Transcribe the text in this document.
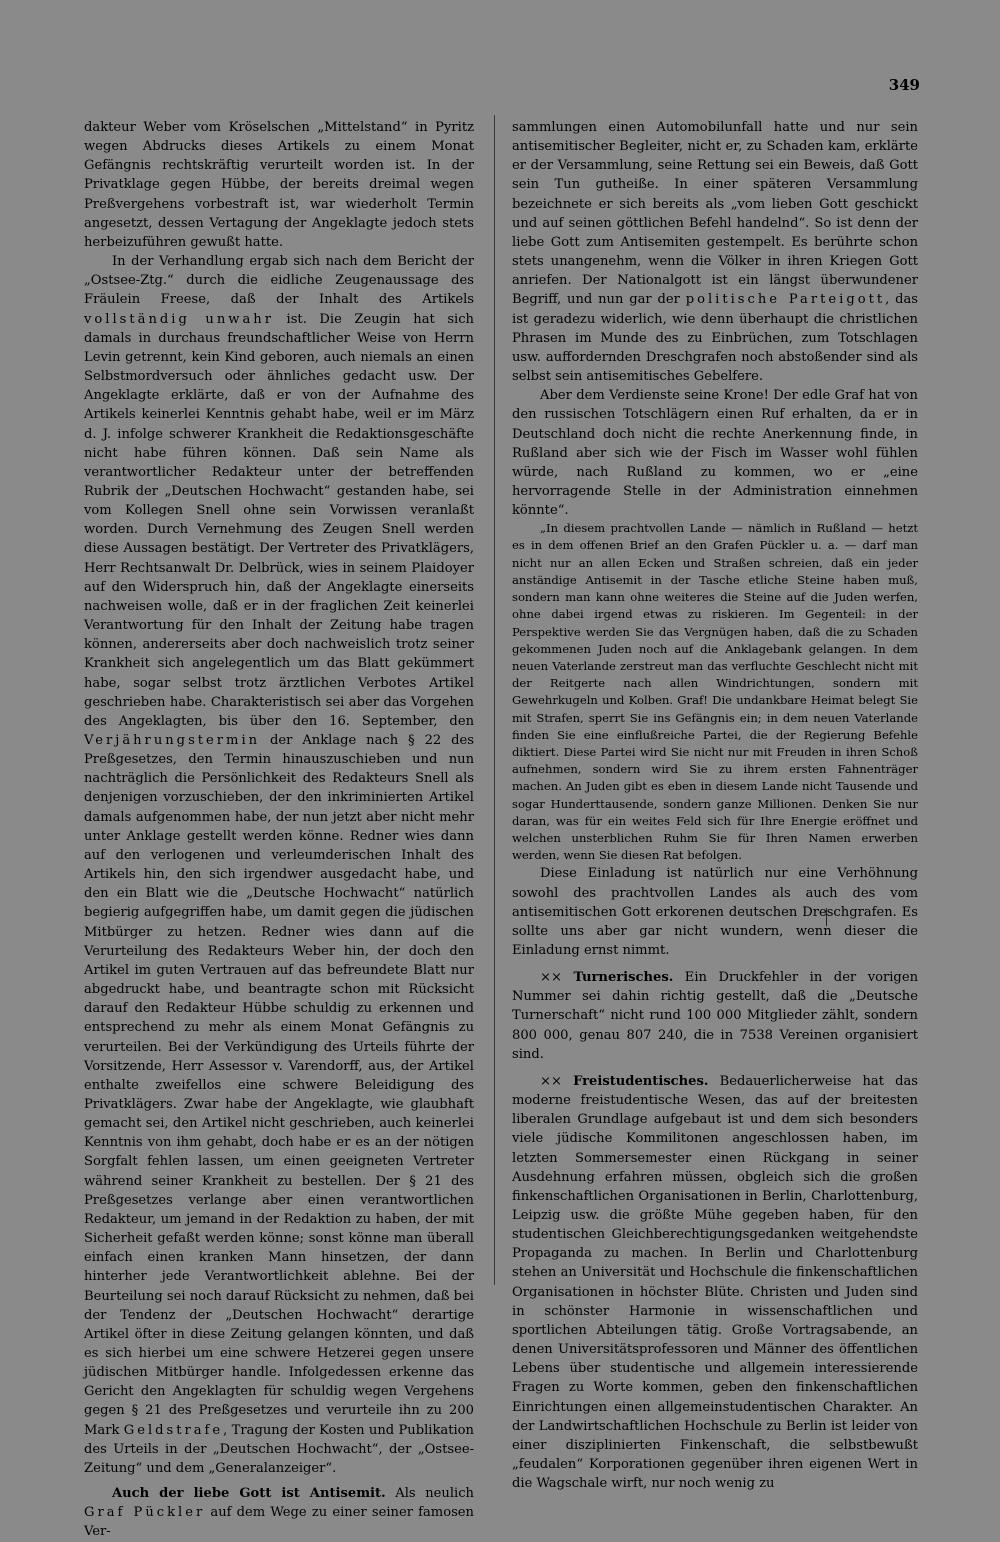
349

dakteur Weber vom Kröselschen „Mittelstand“ in Pyritz wegen Abdrucks dieses Artikels zu einem Monat Gefängnis rechtskräftig verurteilt worden ist. In der Privatklage gegen Hübbe, der bereits dreimal wegen Preßvergehens vorbestraft ist, war wiederholt Termin angesetzt, dessen Vertagung der Angeklagte jedoch stets herbeizuführen gewußt hatte.

In der Verhandlung ergab sich nach dem Bericht der „Ostsee-Ztg.“ durch die eidliche Zeugenaussage des Fräulein Freese, daß der Inhalt des Artikels vollständig unwahr ist. Die Zeugin hat sich damals in durchaus freundschaftlicher Weise von Herrn Levin getrennt, kein Kind geboren, auch niemals an einen Selbstmordversuch oder ähnliches gedacht usw. Der Angeklagte erklärte, daß er von der Aufnahme des Artikels keinerlei Kenntnis gehabt habe, weil er im März d. J. infolge schwerer Krankheit die Redaktionsgeschäfte nicht habe führen können. Daß sein Name als verantwortlicher Redakteur unter der betreffenden Rubrik der „Deutschen Hochwacht“ gestanden habe, sei vom Kollegen Snell ohne sein Vorwissen veranlaßt worden. Durch Vernehmung des Zeugen Snell werden diese Aussagen bestätigt. Der Vertreter des Privatklägers, Herr Rechtsanwalt Dr. Delbrück, wies in seinem Plaidoyer auf den Widerspruch hin, daß der Angeklagte einerseits nachweisen wolle, daß er in der fraglichen Zeit keinerlei Verantwortung für den Inhalt der Zeitung habe tragen können, andererseits aber doch nachweislich trotz seiner Krankheit sich angelegentlich um das Blatt gekümmert habe, sogar selbst trotz ärztlichen Verbotes Artikel geschrieben habe. Charakteristisch sei aber das Vorgehen des Angeklagten, bis über den 16. September, den Verjährungstermin der Anklage nach § 22 des Preßgesetzes, den Termin hinauszuschieben und nun nachträglich die Persönlichkeit des Redakteurs Snell als denjenigen vorzuschieben, der den inkriminierten Artikel damals aufgenommen habe, der nun jetzt aber nicht mehr unter Anklage gestellt werden könne. Redner wies dann auf den verlogenen und verleumderischen Inhalt des Artikels hin, den sich irgendwer ausgedacht habe, und den ein Blatt wie die „Deutsche Hochwacht“ natürlich begierig aufgegriffen habe, um damit gegen die jüdischen Mitbürger zu hetzen. Redner wies dann auf die Verurteilung des Redakteurs Weber hin, der doch den Artikel im guten Vertrauen auf das befreundete Blatt nur abgedruckt habe, und beantragte schon mit Rücksicht darauf den Redakteur Hübbe schuldig zu erkennen und entsprechend zu mehr als einem Monat Gefängnis zu verurteilen. Bei der Verkündigung des Urteils führte der Vorsitzende, Herr Assessor v. Varendorff, aus, der Artikel enthalte zweifellos eine schwere Beleidigung des Privatklägers. Zwar habe der Angeklagte, wie glaubhaft gemacht sei, den Artikel nicht geschrieben, auch keinerlei Kenntnis von ihm gehabt, doch habe er es an der nötigen Sorgfalt fehlen lassen, um einen geeigneten Vertreter während seiner Krankheit zu bestellen. Der § 21 des Preßgesetzes verlange aber einen verantwortlichen Redakteur, um jemand in der Redaktion zu haben, der mit Sicherheit gefaßt werden könne; sonst könne man überall einfach einen kranken Mann hinsetzen, der dann hinterher jede Verantwortlichkeit ablehne. Bei der Beurteilung sei noch darauf Rücksicht zu nehmen, daß bei der Tendenz der „Deutschen Hochwacht“ derartige Artikel öfter in diese Zeitung gelangen könnten, und daß es sich hierbei um eine schwere Hetzerei gegen unsere jüdischen Mitbürger handle. Infolgedessen erkenne das Gericht den Angeklagten für schuldig wegen Vergehens gegen § 21 des Preßgesetzes und verurteile ihn zu 200 Mark Geldstrafe, Tragung der Kosten und Publikation des Urteils in der „Deutschen Hochwacht“, der „Ostsee-Zeitung“ und dem „Generalanzeiger“.

Auch der liebe Gott ist Antisemit. Als neulich Graf Pückler auf dem Wege zu einer seiner famosen Ver-

sammlungen einen Automobilunfall hatte und nur sein antisemitischer Begleiter, nicht er, zu Schaden kam, erklärte er der Versammlung, seine Rettung sei ein Beweis, daß Gott sein Tun gutheiße. In einer späteren Versammlung bezeichnete er sich bereits als „vom lieben Gott geschickt und auf seinen göttlichen Befehl handelnd“. So ist denn der liebe Gott zum Antisemiten gestempelt. Es berührte schon stets unangenehm, wenn die Völker in ihren Kriegen Gott anriefen. Der Nationalgott ist ein längst überwundener Begriff, und nun gar der politische Parteigott, das ist geradezu widerlich, wie denn überhaupt die christlichen Phrasen im Munde des zu Einbrüchen, zum Totschlagen usw. auffordernden Dreschgrafen noch abstoßender sind als selbst sein antisemitisches Gebelfere.

Aber dem Verdienste seine Krone! Der edle Graf hat von den russischen Totschlägern einen Ruf erhalten, da er in Deutschland doch nicht die rechte Anerkennung finde, in Rußland aber sich wie der Fisch im Wasser wohl fühlen würde, nach Rußland zu kommen, wo er „eine hervorragende Stelle in der Administration einnehmen könnte“.

„In diesem prachtvollen Lande — nämlich in Rußland — hetzt es in dem offenen Brief an den Grafen Pückler u. a. — darf man nicht nur an allen Ecken und Straßen schreien, daß ein jeder anständige Antisemit in der Tasche etliche Steine haben muß, sondern man kann ohne weiteres die Steine auf die Juden werfen, ohne dabei irgend etwas zu riskieren. Im Gegenteil: in der Perspektive werden Sie das Vergnügen haben, daß die zu Schaden gekommenen Juden noch auf die Anklagebank gelangen. In dem neuen Vaterlande zerstreut man das verfluchte Geschlecht nicht mit der Reitgerte nach allen Windrichtungen, sondern mit Gewehrkugeln und Kolben. Graf! Die undankbare Heimat belegt Sie mit Strafen, sperrt Sie ins Gefängnis ein; in dem neuen Vaterlande finden Sie eine einflußreiche Partei, die der Regierung Befehle diktiert. Diese Partei wird Sie nicht nur mit Freuden in ihren Schoß aufnehmen, sondern wird Sie zu ihrem ersten Fahnenträger machen. An Juden gibt es eben in diesem Lande nicht Tausende und sogar Hunderttausende, sondern ganze Millionen. Denken Sie nur daran, was für ein weites Feld sich für Ihre Energie eröffnet und welchen unsterblichen Ruhm Sie für Ihren Namen erwerben werden, wenn Sie diesen Rat befolgen.

Diese Einladung ist natürlich nur eine Verhöhnung sowohl des prachtvollen Landes als auch des vom antisemitischen Gott erkorenen deutschen Dreschgrafen. Es sollte uns aber gar nicht wundern, wenn dieser die Einladung ernst nimmt.

×× Turnerisches. Ein Druckfehler in der vorigen Nummer sei dahin richtig gestellt, daß die „Deutsche Turnerschaft“ nicht rund 100 000 Mitglieder zählt, sondern 800 000, genau 807 240, die in 7538 Vereinen organisiert sind.

×× Freistudentisches. Bedauerlicherweise hat das moderne freistudentische Wesen, das auf der breitesten liberalen Grundlage aufgebaut ist und dem sich besonders viele jüdische Kommilitonen angeschlossen haben, im letzten Sommersemester einen Rückgang in seiner Ausdehnung erfahren müssen, obgleich sich die großen finkenschaftlichen Organisationen in Berlin, Charlottenburg, Leipzig usw. die größte Mühe gegeben haben, für den studentischen Gleichberechtigungsgedanken weitgehendste Propaganda zu machen. In Berlin und Charlottenburg stehen an Universität und Hochschule die finkenschaftlichen Organisationen in höchster Blüte. Christen und Juden sind in schönster Harmonie in wissenschaftlichen und sportlichen Abteilungen tätig. Große Vortragsabende, an denen Universitätsprofessoren und Männer des öffentlichen Lebens über studentische und allgemein interessierende Fragen zu Worte kommen, geben den finkenschaftlichen Einrichtungen einen allgemeinstudentischen Charakter. An der Landwirtschaftlichen Hochschule zu Berlin ist leider von einer disziplinierten Finkenschaft, die selbstbewußt „feudalen“ Korporationen gegenüber ihren eigenen Wert in die Wagschale wirft, nur noch wenig zu
